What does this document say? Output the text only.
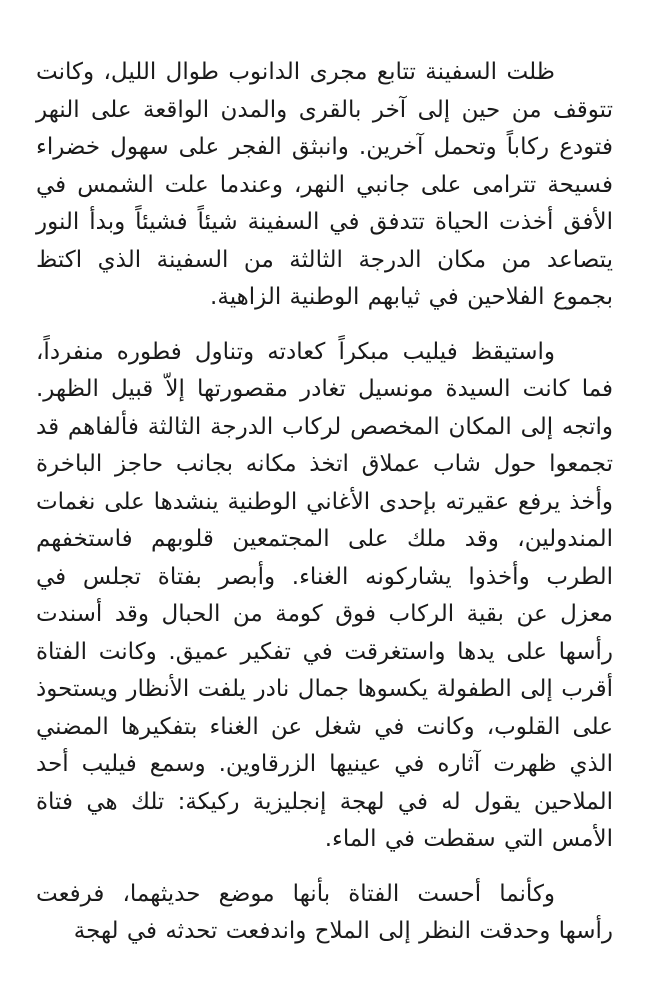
ظلت السفينة تتابع مجرى الدانوب طوال الليل، وكانت تتوقف من حين إلى آخر بالقرى والمدن الواقعة على النهر فتودع ركاباً وتحمل آخرين. وانبثق الفجر على سهول خضراء فسيحة تترامى على جانبي النهر، وعندما علت الشمس في الأفق أخذت الحياة تتدفق في السفينة شيئاً فشيئاً وبدأ النور يتصاعد من مكان الدرجة الثالثة من السفينة الذي اكتظ بجموع الفلاحين في ثيابهم الوطنية الزاهية.

واستيقظ فيليب مبكراً كعادته وتناول فطوره منفرداً، فما كانت السيدة مونسيل تغادر مقصورتها إلاّ قبيل الظهر. واتجه إلى المكان المخصص لركاب الدرجة الثالثة فألفاهم قد تجمعوا حول شاب عملاق اتخذ مكانه بجانب حاجز الباخرة وأخذ يرفع عقيرته بإحدى الأغاني الوطنية ينشدها على نغمات المندولين، وقد ملك على المجتمعين قلوبهم فاستخفهم الطرب وأخذوا يشاركونه الغناء. وأبصر بفتاة تجلس في معزل عن بقية الركاب فوق كومة من الحبال وقد أسندت رأسها على يدها واستغرقت في تفكير عميق. وكانت الفتاة أقرب إلى الطفولة يكسوها جمال نادر يلفت الأنظار ويستحوذ على القلوب، وكانت في شغل عن الغناء بتفكيرها المضني الذي ظهرت آثاره في عينيها الزرقاوين. وسمع فيليب أحد الملاحين يقول له في لهجة إنجليزية ركيكة: تلك هي فتاة الأمس التي سقطت في الماء.

وكأنما أحست الفتاة بأنها موضع حديثهما، فرفعت رأسها وحدقت النظر إلى الملاح واندفعت تحدثه في لهجة
